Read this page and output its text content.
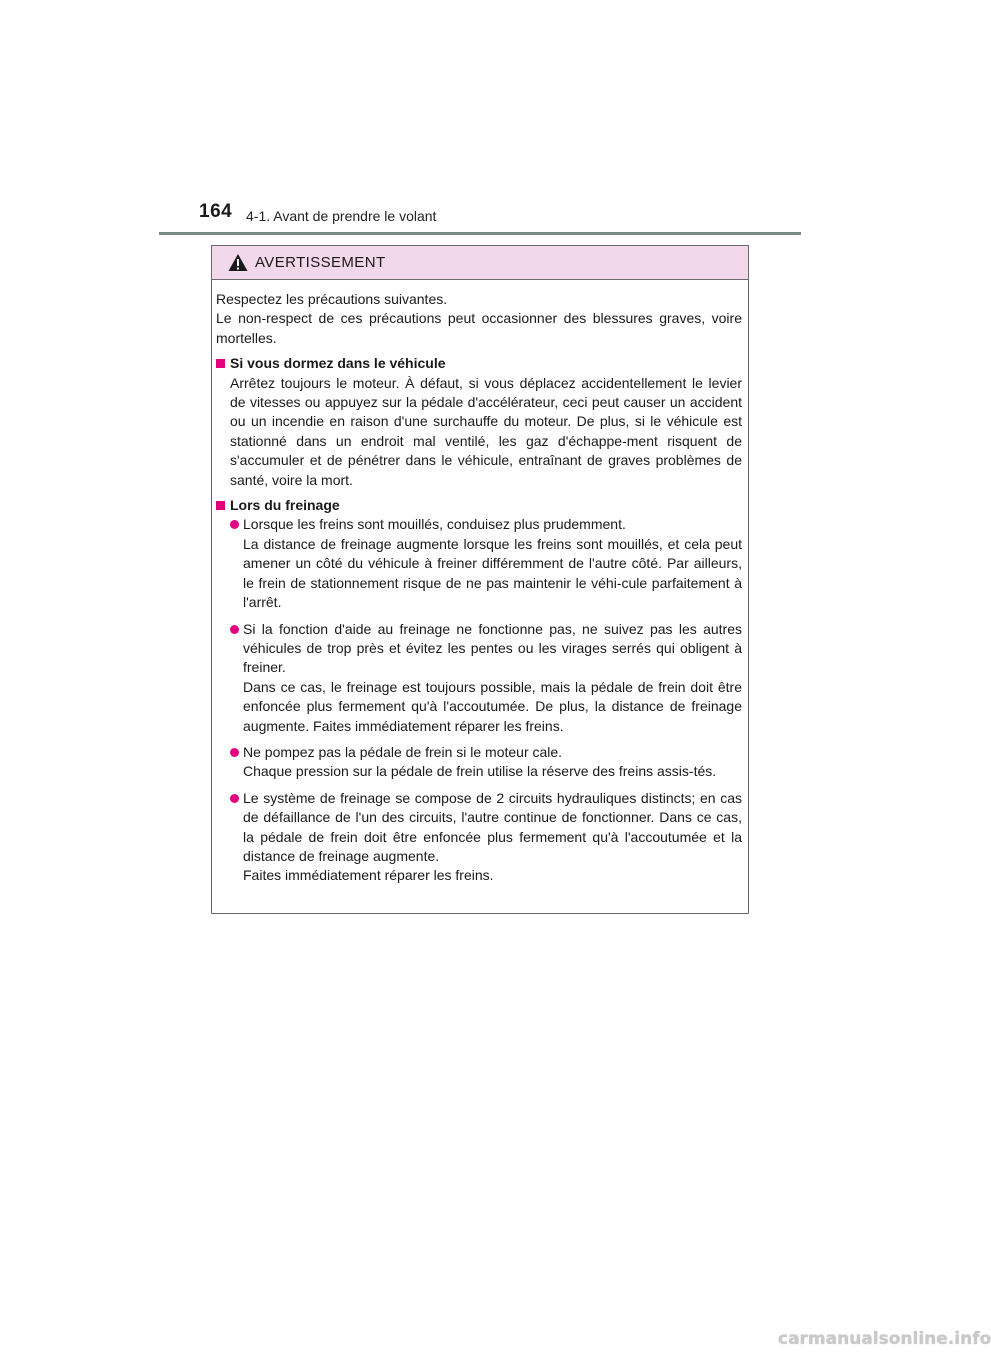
164 4-1. Avant de prendre le volant
AVERTISSEMENT

Respectez les précautions suivantes.

Le non-respect de ces précautions peut occasionner des blessures graves, voire mortelles.

Si vous dormez dans le véhicule

Arrêtez toujours le moteur. À défaut, si vous déplacez accidentellement le levier de vitesses ou appuyez sur la pédale d'accélérateur, ceci peut causer un accident ou un incendie en raison d'une surchauffe du moteur. De plus, si le véhicule est stationné dans un endroit mal ventilé, les gaz d'échappe-ment risquent de s'accumuler et de pénétrer dans le véhicule, entraînant de graves problèmes de santé, voire la mort.

Lors du freinage

Lorsque les freins sont mouillés, conduisez plus prudemment.

La distance de freinage augmente lorsque les freins sont mouillés, et cela peut amener un côté du véhicule à freiner différemment de l'autre côté. Par ailleurs, le frein de stationnement risque de ne pas maintenir le véhi-cule parfaitement à l'arrêt.

Si la fonction d'aide au freinage ne fonctionne pas, ne suivez pas les autres véhicules de trop près et évitez les pentes ou les virages serrés qui obligent à freiner.

Dans ce cas, le freinage est toujours possible, mais la pédale de frein doit être enfoncée plus fermement qu'à l'accoutumée. De plus, la distance de freinage augmente. Faites immédiatement réparer les freins.

Ne pompez pas la pédale de frein si le moteur cale.

Chaque pression sur la pédale de frein utilise la réserve des freins assis-tés.

Le système de freinage se compose de 2 circuits hydrauliques distincts; en cas de défaillance de l'un des circuits, l'autre continue de fonctionner. Dans ce cas, la pédale de frein doit être enfoncée plus fermement qu'à l'accoutumée et la distance de freinage augmente.

Faites immédiatement réparer les freins.

carmanualsonline.info
